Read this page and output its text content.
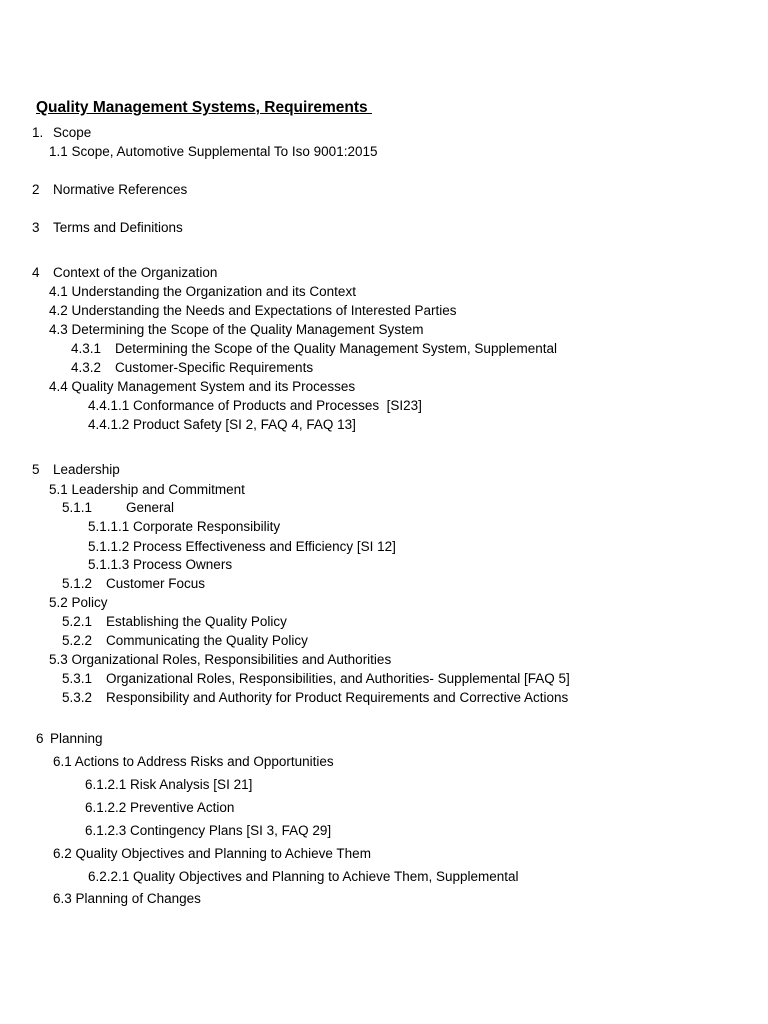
Quality Management Systems, Requirements
1. Scope
1.1 Scope, Automotive Supplemental To Iso 9001:2015
2 Normative References
3 Terms and Definitions
4 Context of the Organization
4.1 Understanding the Organization and its Context
4.2 Understanding the Needs and Expectations of Interested Parties
4.3 Determining the Scope of the Quality Management System
4.3.1 Determining the Scope of the Quality Management System, Supplemental
4.3.2 Customer-Specific Requirements
4.4 Quality Management System and its Processes
4.4.1.1 Conformance of Products and Processes  [SI23]
4.4.1.2 Product Safety [SI 2, FAQ 4, FAQ 13]
5 Leadership
5.1 Leadership and Commitment
5.1.1	General
5.1.1.1 Corporate Responsibility
5.1.1.2 Process Effectiveness and Efficiency [SI 12]
5.1.1.3 Process Owners
5.1.2 Customer Focus
5.2 Policy
5.2.1 Establishing the Quality Policy
5.2.2 Communicating the Quality Policy
5.3 Organizational Roles, Responsibilities and Authorities
5.3.1 Organizational Roles, Responsibilities, and Authorities- Supplemental [FAQ 5]
5.3.2 Responsibility and Authority for Product Requirements and Corrective Actions
6 Planning
6.1 Actions to Address Risks and Opportunities
6.1.2.1 Risk Analysis [SI 21]
6.1.2.2 Preventive Action
6.1.2.3 Contingency Plans [SI 3, FAQ 29]
6.2 Quality Objectives and Planning to Achieve Them
6.2.2.1 Quality Objectives and Planning to Achieve Them, Supplemental
6.3 Planning of Changes
